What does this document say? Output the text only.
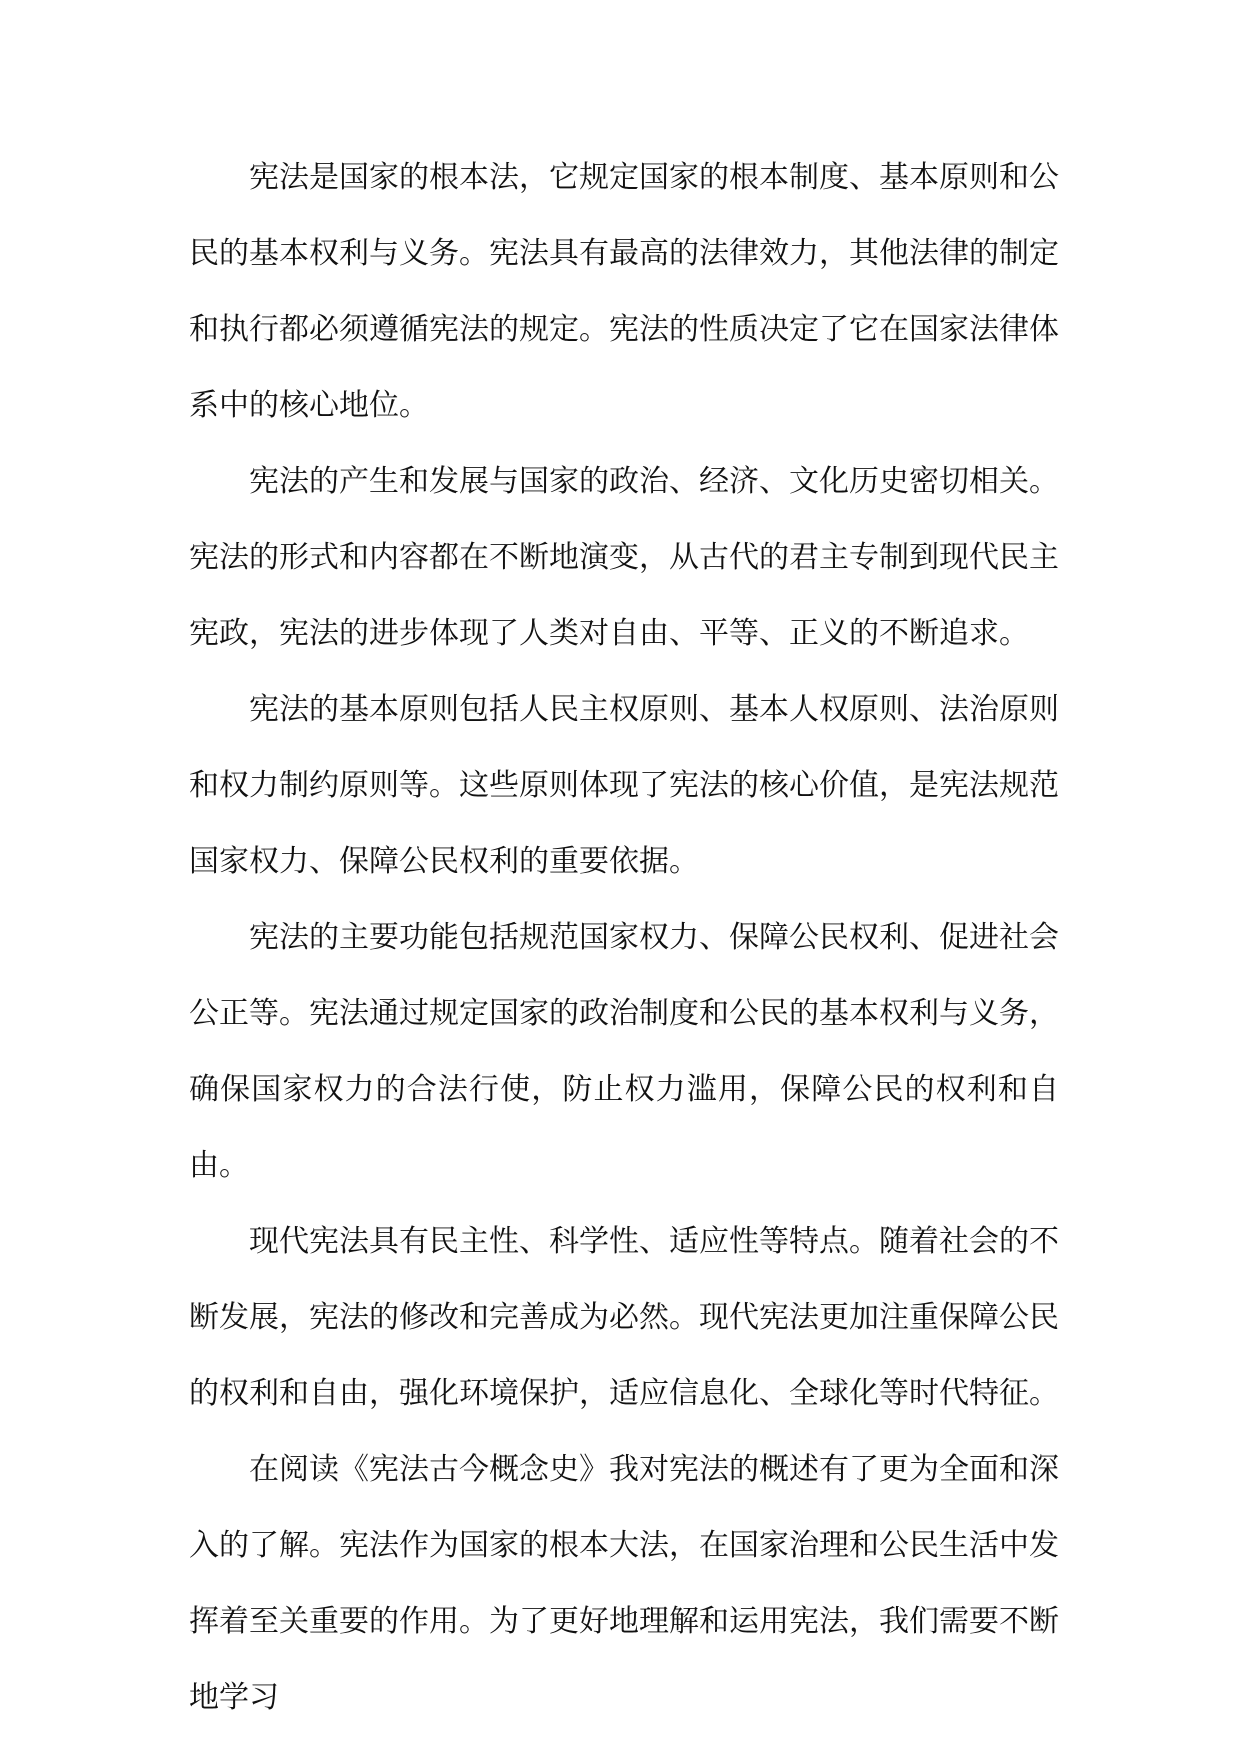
宪法是国家的根本法，它规定国家的根本制度、基本原则和公民的基本权利与义务。宪法具有最高的法律效力，其他法律的制定和执行都必须遵循宪法的规定。宪法的性质决定了它在国家法律体系中的核心地位。

宪法的产生和发展与国家的政治、经济、文化历史密切相关。宪法的形式和内容都在不断地演变，从古代的君主专制到现代民主宪政，宪法的进步体现了人类对自由、平等、正义的不断追求。

宪法的基本原则包括人民主权原则、基本人权原则、法治原则和权力制约原则等。这些原则体现了宪法的核心价值，是宪法规范国家权力、保障公民权利的重要依据。

宪法的主要功能包括规范国家权力、保障公民权利、促进社会公正等。宪法通过规定国家的政治制度和公民的基本权利与义务，确保国家权力的合法行使，防止权力滥用，保障公民的权利和自由。

现代宪法具有民主性、科学性、适应性等特点。随着社会的不断发展，宪法的修改和完善成为必然。现代宪法更加注重保障公民的权利和自由，强化环境保护，适应信息化、全球化等时代特征。

在阅读《宪法古今概念史》我对宪法的概述有了更为全面和深入的了解。宪法作为国家的根本大法，在国家治理和公民生活中发挥着至关重要的作用。为了更好地理解和运用宪法，我们需要不断地学习
